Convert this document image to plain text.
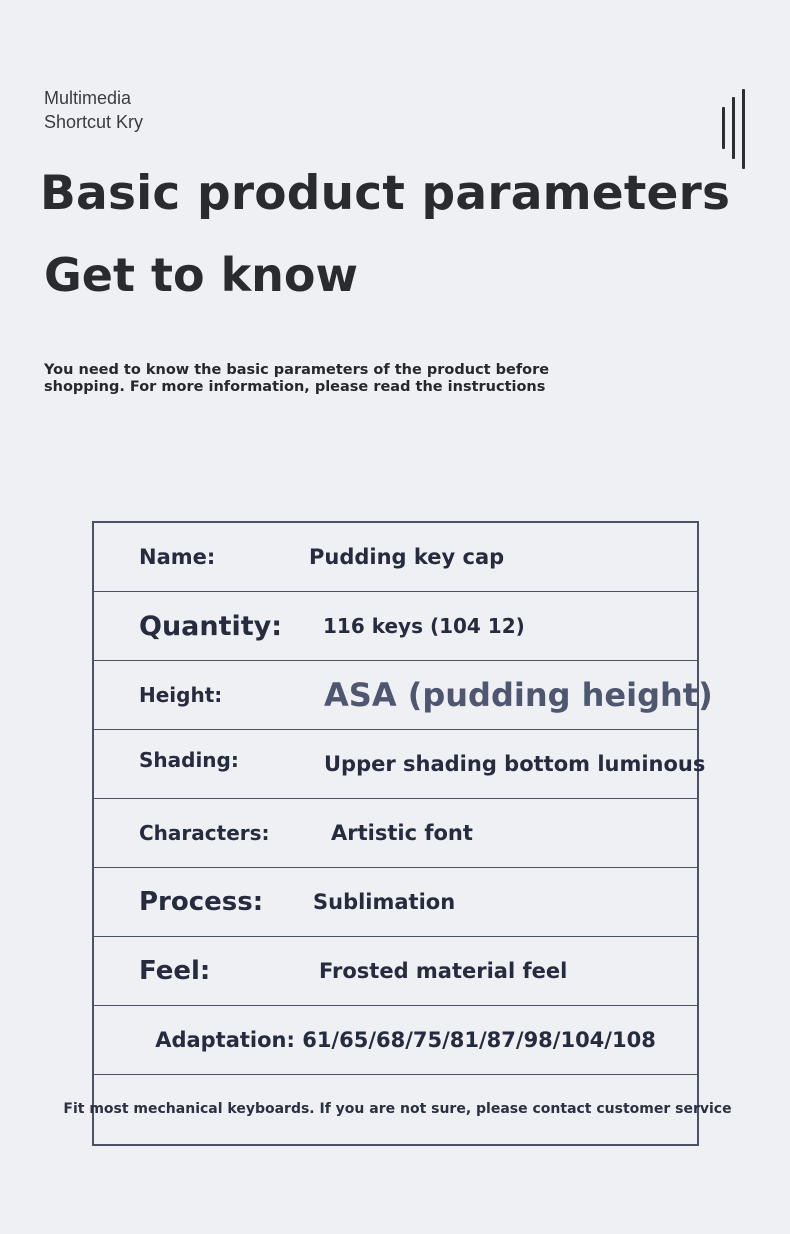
Multimedia
Shortcut Kry
Basic product parameters
Get to know
You need to know the basic parameters of the product before
shopping. For more information, please read the instructions
Name:	Pudding key cap
Quantity: 116 keys (104 12)
Height:	ASA (pudding height)
Shading:	Upper shading bottom luminous
Characters:	Artistic font
Process: Sublimation
Feel:	Frosted material feel
Adaptation: 61/65/68/75/81/87/98/104/108
Fit most mechanical keyboards. If you are not sure, please contact customer service
